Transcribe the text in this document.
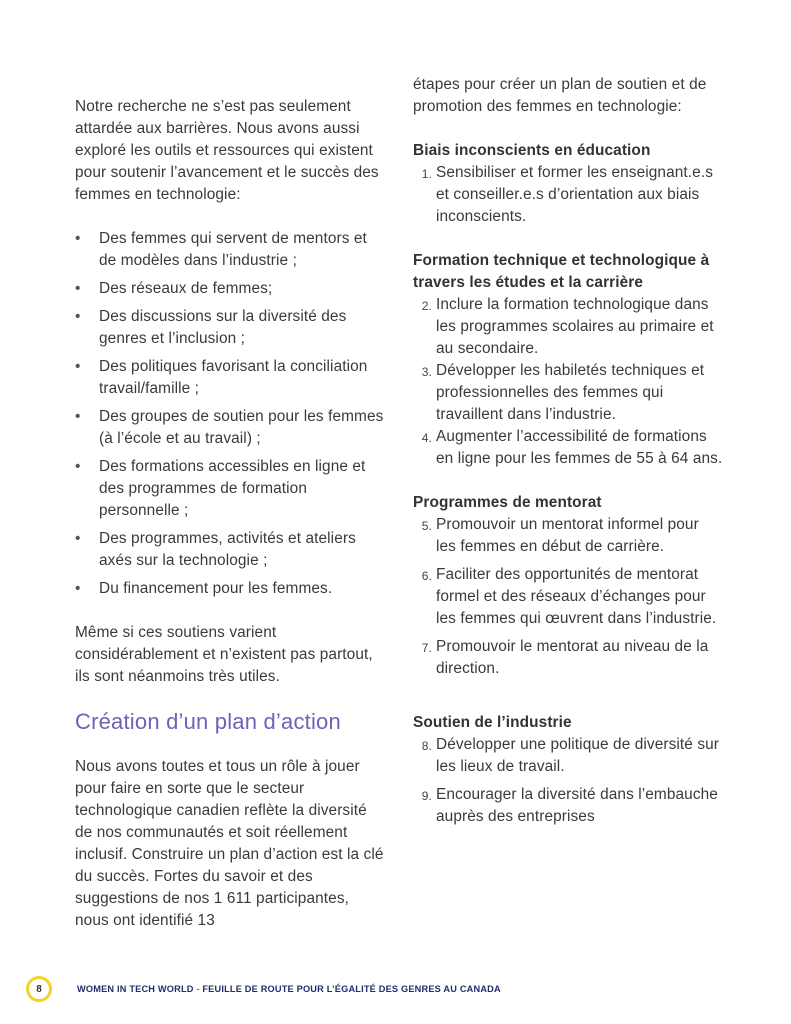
Notre recherche ne s’est pas seulement attardée aux barrières. Nous avons aussi exploré les outils et ressources qui existent pour soutenir l’avancement et le succès des femmes en technologie:

• Des femmes qui servent de mentors et de modèles dans l’industrie ;
• Des réseaux de femmes;
• Des discussions sur la diversité des genres et l’inclusion ;
• Des politiques favorisant la conciliation travail/famille ;
• Des groupes de soutien pour les femmes (à l’école et au travail) ;
• Des formations accessibles en ligne et des programmes de formation personnelle ;
• Des programmes, activités et ateliers axés sur la technologie ;
• Du financement pour les femmes.

Même si ces soutiens varient considérablement et n’existent pas partout, ils sont néanmoins très utiles.

Création d’un plan d’action

Nous avons toutes et tous un rôle à jouer pour faire en sorte que le secteur technologique canadien reflète la diversité de nos communautés et soit réellement inclusif. Construire un plan d’action est la clé du succès. Fortes du savoir et des suggestions de nos 1 611 participantes, nous ont identifié 13

étapes pour créer un plan de soutien et de promotion des femmes en technologie:

Biais inconscients en éducation
1. Sensibiliser et former les enseignant.e.s et conseiller.e.s d’orientation aux biais inconscients.
Formation technique et technologique à travers les études et la carrière
2. Inclure la formation technologique dans les programmes scolaires au primaire et au secondaire.
3. Développer les habiletés techniques et professionnelles des femmes qui travaillent dans l’industrie.
4. Augmenter l’accessibilité de formations en ligne pour les femmes de 55 à 64 ans.
Programmes de mentorat
5. Promouvoir un mentorat informel pour les femmes en début de carrière.
6. Faciliter des opportunités de mentorat formel et des réseaux d’échanges pour les femmes qui œuvrent dans l’industrie.
7. Promouvoir le mentorat au niveau de la direction.
Soutien de l’industrie
8. Développer une politique de diversité sur les lieux de travail.
9. Encourager la diversité dans l’embauche auprès des entreprises
8	WOMEN IN TECH WORLD - FEUILLE DE ROUTE POUR L’ÉGALITÉ DES GENRES AU CANADA
